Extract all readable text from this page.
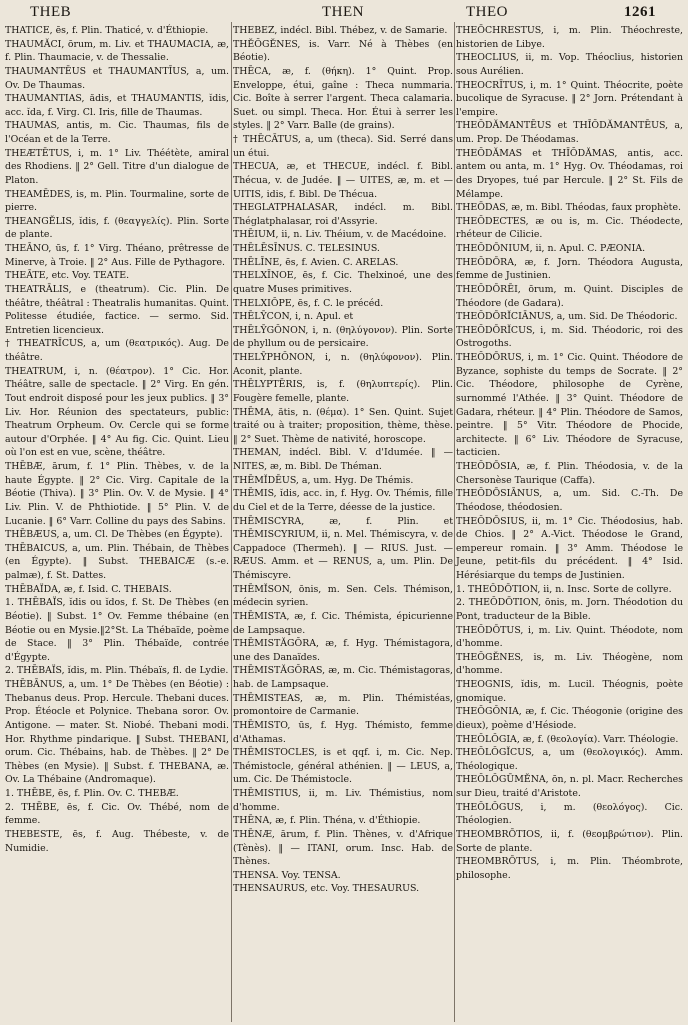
THEB	THEN	THEO	1261

THATICE, ēs, f. Plin. Thaticé, v. d'Éthiopie.

THAUMĂCI, ōrum, m. Liv. et THAUMACIA, æ, f. Plin. Thaumacie, v. de Thessalie.

THAUMANTĒUS et THAUMANTĪUS, a, um. Ov. De Thaumas.

THAUMANTIAS, ădis, et THAUMANTIS, ĭdis, acc. ĭda, f. Virg. Cl. Iris, fille de Thaumas.

THAUMAS, antis, m. Cic. Thaumas, fils de l'Océan et de la Terre.

THEÆTĒTUS, i, m. 1° Liv. Théétète, amiral des Rhodiens. ‖ 2° Gell. Titre d'un dialogue de Platon.

THEAMĒDES, is, m. Plin. Tourmaline, sorte de pierre.

THEANGĔLIS, ĭdis, f. (θεαγγελίς). Plin. Sorte de plante.

THEĀNO, ūs, f. 1° Virg. Théano, prêtresse de Minerve, à Troie. ‖ 2° Aus. Fille de Pythagore.

THEĀTE, etc. Voy. TEATE.

THEATRĀLIS, e (theatrum). Cic. Plin. De théâtre, théâtral : Theatralis humanitas. Quint. Politesse étudiée, factice. — sermo. Sid. Entretien licencieux.

† THEATRĪCUS, a, um (θεατρικός). Aug. De théâtre.

THEATRUM, i, n. (θέατρον). 1° Cic. Hor. Théâtre, salle de spectacle. ‖ 2° Virg. En gén. Tout endroit disposé pour les jeux publics. ‖ 3° Liv. Hor. Réunion des spectateurs, public: Theatrum Orpheum. Ov. Cercle qui se forme autour d'Orphée. ‖ 4° Au fig. Cic. Quint. Lieu où l'on est en vue, scène, théâtre.

THĒBÆ, ārum, f. 1° Plin. Thèbes, v. de la haute Égypte. ‖ 2° Cic. Virg. Capitale de la Béotie (Thiva). ‖ 3° Plin. Ov. V. de Mysie. ‖ 4° Liv. Plin. V. de Phthiotide. ‖ 5° Plin. V. de Lucanie. ‖ 6° Varr. Colline du pays des Sabins.

THĒBÆUS, a, um. Cl. De Thèbes (en Égypte).

THĒBAICUS, a, um. Plin. Thébain, de Thèbes (en Égypte). ‖ Subst. THEBAICÆ (s.-e. palmæ), f. St. Dattes.

THĒBAÏDA, æ, f. Isid. C. THEBAIS.

1. THĒBAÏS, ĭdis ou ĭdos, f. St. De Thèbes (en Béotie). ‖ Subst. 1° Ov. Femme thébaine (en Béotie ou en Mysie.‖2°St. La Thébaïde, poème de Stace. ‖ 3° Plin. Thébaïde, contrée d'Égypte.

2. THĒBAÏS, ĭdis, m. Plin. Thébaïs, fl. de Lydie.

THĒBĀNUS, a, um. 1° De Thèbes (en Béotie) : Thebanus deus. Prop. Hercule. Thebani duces. Prop. Étéocle et Polynice. Thebana soror. Ov. Antigone. — mater. St. Niobé. Thebani modi. Hor. Rhythme pindarique. ‖ Subst. THEBANI, orum. Cic. Thébains, hab. de Thèbes. ‖ 2° De Thèbes (en Mysie). ‖ Subst. f. THEBANA, æ. Ov. La Thébaine (Andromaque).

1. THĒBE, ēs, f. Plin. Ov. C. THEBÆ.

2. THĒBE, ēs, f. Cic. Ov. Thébé, nom de femme.

THEBESTE, ēs, f. Aug. Thébeste, v. de Numidie.

THEBEZ, indécl. Bibl. Thébez, v. de Samarie.

THĔŎGĔNES, is. Varr. Né à Thèbes (en Béotie).

THĒCA, æ, f. (θήκη). 1° Quint. Prop. Enveloppe, étui, gaîne : Theca nummaria. Cic. Boîte à serrer l'argent. Theca calamaria. Suet. ou simpl. Theca. Hor. Étui à serrer les styles. ‖ 2° Varr. Balle (de grains).

† THĒCĀTUS, a, um (theca). Sid. Serré dans un étui.

THECUA, æ, et THECUE, indécl. f. Bibl. Thécua, v. de Judée. ‖ — UITES, æ, m. et — UITIS, idis, f. Bibl. De Thécua.

THEGLATPHALASAR, indécl. m. Bibl. Théglatphalasar, roi d'Assyrie.

THĒIUM, ii, n. Liv. Théium, v. de Macédoine.

THĒLĒSĪNUS. C. TELESINUS.

THĒLĪNE, ēs, f. Avien. C. ARELAS.

THELXĪNOE, ēs, f. Cic. Thelxinoé, une des quatre Muses primitives.

THELXIŎPE, ēs, f. C. le précéd.

THĒLȲCON, i, n. Apul. et

THĒLȲGŎNON, i, n. (θηλύγονον). Plin. Sorte de phyllum ou de persicaire.

THELȲPHŎNON, i, n. (θηλύφονον). Plin. Aconit, plante.

THĒLYPTĒRIS, is, f. (θηλυπτερίς). Plin. Fougère femelle, plante.

THĒMA, ătis, n. (θέμα). 1° Sen. Quint. Sujet traité ou à traiter; proposition, thème, thèse. ‖ 2° Suet. Thème de nativité, horoscope.

THEMAN, indécl. Bibl. V. d'Idumée. ‖ — NITES, æ, m. Bibl. De Théman.

THĒMĬDĒUS, a, um. Hyg. De Thémis.

THĒMIS, ĭdis, acc. in, f. Hyg. Ov. Thémis, fille du Ciel et de la Terre, déesse de la justice.

THĒMISCYRA, æ, f. Plin. et THĒMISCYRIUM, ii, n. Mel. Thémiscyra, v. de Cappadoce (Thermeh). ‖ — RIUS. Just. — RÆUS. Amm. et — RENUS, a, um. Plin. De Thémiscyre.

THĒMĬSON, ōnis, m. Sen. Cels. Thémison, médecin syrien.

THĒMISTA, æ, f. Cic. Thémista, épicurienne de Lampsaque.

THĒMISTĂGŎRA, æ, f. Hyg. Thémistagora, une des Danaïdes.

THĒMISTĂGŎRAS, æ, m. Cic. Thémistagoras, hab. de Lampsaque.

THĒMISTEAS, æ, m. Plin. Thémistéas, promontoire de Carmanie.

THĒMISTO, ūs, f. Hyg. Thémisto, femme d'Athamas.

THĒMISTOCLES, is et qqf. i, m. Cic. Nep. Thémistocle, général athénien. ‖ — LEUS, a, um. Cic. De Thémistocle.

THĒMISTIUS, ii, m. Liv. Thémistius, nom d'homme.

THĒNA, æ, f. Plin. Théna, v. d'Éthiopie.

THĒNÆ, ārum, f. Plin. Thènes, v. d'Afrique (Tènès). ‖ — ITANI, orum. Insc. Hab. de Thènes.

THENSA. Voy. TENSA.

THENSAURUS, etc. Voy. THESAURUS.

THEŌCHRESTUS, i, m. Plin. Théochreste, historien de Libye.

THEOCLIUS, ii, m. Vop. Théoclius, historien sous Aurélien.

THEOCRĪTUS, i, m. 1° Quint. Théocrite, poète bucolique de Syracuse. ‖ 2° Jorn. Prétendant à l'empire.

THEŎDĂMANTĒUS et THĪŎDĂMANTĒUS, a, um. Prop. De Théodamas.

THEŎDĂMAS et THĪŎDĂMAS, antis, acc. antem ou anta, m. 1° Hyg. Ov. Théodamas, roi des Dryopes, tué par Hercule. ‖ 2° St. Fils de Mélampe.

THEŌDAS, æ, m. Bibl. Théodas, faux prophète.

THEŎDECTES, æ ou is, m. Cic. Théodecte, rhéteur de Cilicie.

THEŎDŌNIUM, ii, n. Apul. C. PÆONIA.

THEŎDŌRA, æ, f. Jorn. Théodora Augusta, femme de Justinien.

THEŎDŌRĒI, ōrum, m. Quint. Disciples de Théodore (de Gadara).

THEŎDŌRĬCIĀNUS, a, um. Sid. De Théodoric.

THEŎDŌRĬCUS, i, m. Sid. Théodoric, roi des Ostrogoths.

THEŎDŌRUS, i, m. 1° Cic. Quint. Théodore de Byzance, sophiste du temps de Socrate. ‖ 2° Cic. Théodore, philosophe de Cyrène, surnommé l'Athée. ‖ 3° Quint. Théodore de Gadara, rhéteur. ‖ 4° Plin. Théodore de Samos, peintre. ‖ 5° Vitr. Théodore de Phocide, architecte. ‖ 6° Liv. Théodore de Syracuse, tacticien.

THEŎDŌSIA, æ, f. Plin. Théodosia, v. de la Chersonèse Taurique (Caffa).

THEŎDŌSIĀNUS, a, um. Sid. C.-Th. De Théodose, théodosien.

THEŎDŌSIUS, ii, m. 1° Cic. Théodosius, hab. de Chios. ‖ 2° A.-Vict. Théodose le Grand, empereur romain. ‖ 3° Amm. Théodose le Jeune, petit-fils du précédent. ‖ 4° Isid. Hérésiarque du temps de Justinien.

1. THEŎDŌTION, ii, n. Insc. Sorte de collyre.

2. THEŎDŌTION, ōnis, m. Jorn. Théodotion du Pont, traducteur de la Bible.

THEŎDŌTUS, i, m. Liv. Quint. Théodote, nom d'homme.

THEŎGĔNES, is, m. Liv. Théogène, nom d'homme.

THEOGNIS, ĭdis, m. Lucil. Théognis, poète gnomique.

THEŎGŎNIA, æ, f. Cic. Théogonie (origine des dieux), poème d'Hésiode.

THEŎLŎGIA, æ, f. (θεολογία). Varr. Théologie.

THEŎLŎGĬCUS, a, um (θεολογικός). Amm. Théologique.

THEŎLŎGŪMĔNA, ōn, n. pl. Macr. Recherches sur Dieu, traité d'Aristote.

THEŎLŎGUS, i, m. (θεολόγος). Cic. Théologien.

THEOMBRŌTIOS, ii, f. (θεομβρώτιον). Plin. Sorte de plante.

THEOMBRŌTUS, i, m. Plin. Théombrote, philosophe.
